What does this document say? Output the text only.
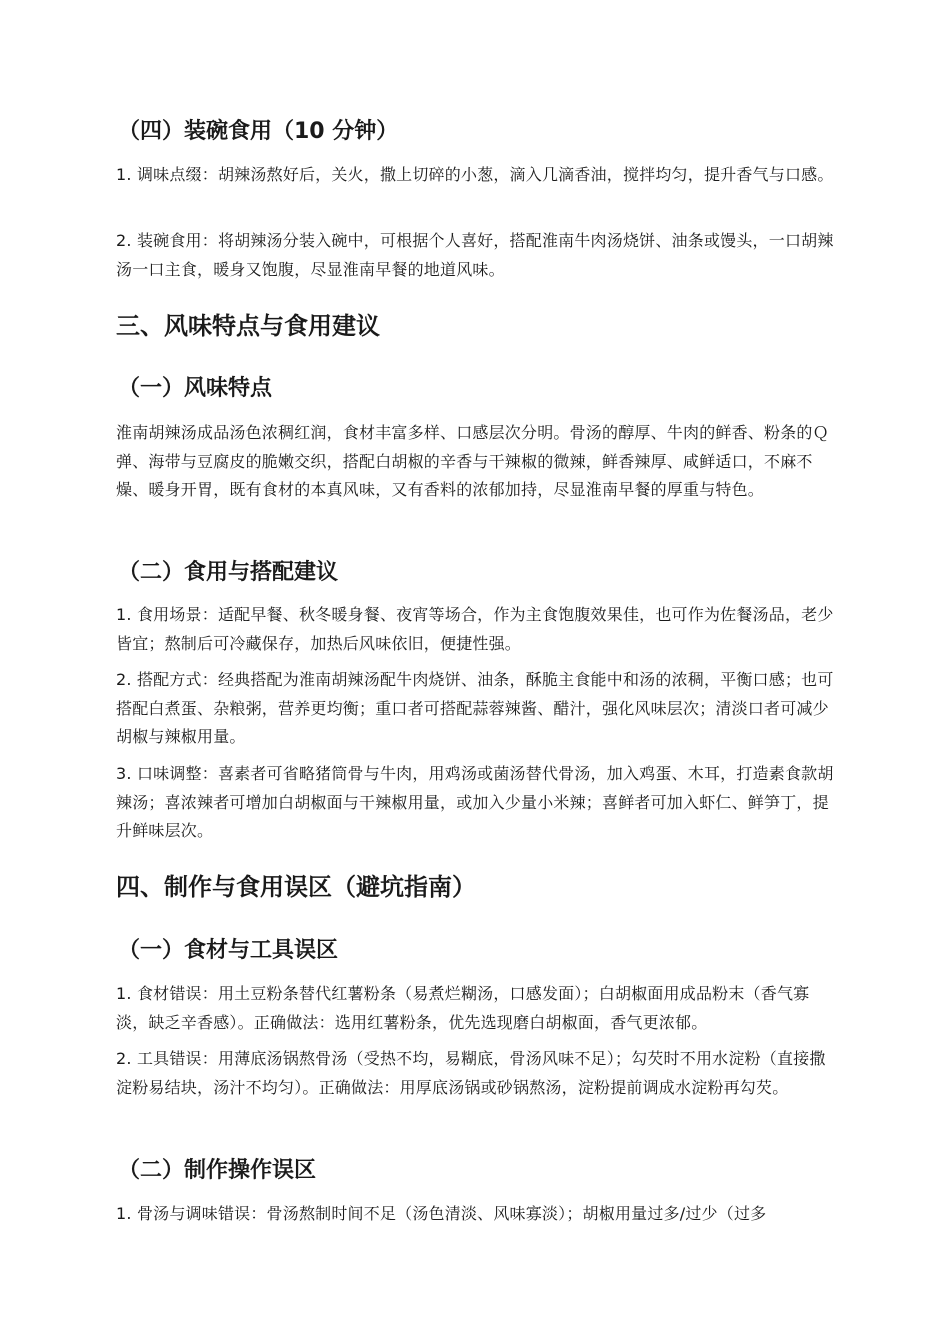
（四）装碗食用（10 分钟）

1. 调味点缀：胡辣汤熬好后，关火，撒上切碎的小葱，滴入几滴香油，搅拌均匀，提升香气与口感。

2. 装碗食用：将胡辣汤分装入碗中，可根据个人喜好，搭配淮南牛肉汤烧饼、油条或馒头，一口胡辣汤一口主食，暖身又饱腹，尽显淮南早餐的地道风味。

三、风味特点与食用建议
（一）风味特点

淮南胡辣汤成品汤色浓稠红润，食材丰富多样、口感层次分明。骨汤的醇厚、牛肉的鲜香、粉条的Ｑ弹、海带与豆腐皮的脆嫩交织，搭配白胡椒的辛香与干辣椒的微辣，鲜香辣厚、咸鲜适口，不麻不燥、暖身开胃，既有食材的本真风味，又有香料的浓郁加持，尽显淮南早餐的厚重与特色。

（二）食用与搭配建议

1. 食用场景：适配早餐、秋冬暖身餐、夜宵等场合，作为主食饱腹效果佳，也可作为佐餐汤品，老少皆宜；熬制后可冷藏保存，加热后风味依旧，便捷性强。

2. 搭配方式：经典搭配为淮南胡辣汤配牛肉烧饼、油条，酥脆主食能中和汤的浓稠，平衡口感；也可搭配白煮蛋、杂粮粥，营养更均衡；重口者可搭配蒜蓉辣酱、醋汁，强化风味层次；清淡口者可减少胡椒与辣椒用量。

3. 口味调整：喜素者可省略猪筒骨与牛肉，用鸡汤或菌汤替代骨汤，加入鸡蛋、木耳，打造素食款胡辣汤；喜浓辣者可增加白胡椒面与干辣椒用量，或加入少量小米辣；喜鲜者可加入虾仁、鲜笋丁，提升鲜味层次。

四、制作与食用误区（避坑指南）
（一）食材与工具误区

1. 食材错误：用土豆粉条替代红薯粉条（易煮烂糊汤，口感发面）；白胡椒面用成品粉末（香气寡淡，缺乏辛香感）。正确做法：选用红薯粉条，优先选现磨白胡椒面，香气更浓郁。

2. 工具错误：用薄底汤锅熬骨汤（受热不均，易糊底，骨汤风味不足）；勾芡时不用水淀粉（直接撒淀粉易结块，汤汁不均匀）。正确做法：用厚底汤锅或砂锅熬汤，淀粉提前调成水淀粉再勾芡。

（二）制作操作误区

1. 骨汤与调味错误：骨汤熬制时间不足（汤色清淡、风味寡淡）；胡椒用量过多/过少（过多
